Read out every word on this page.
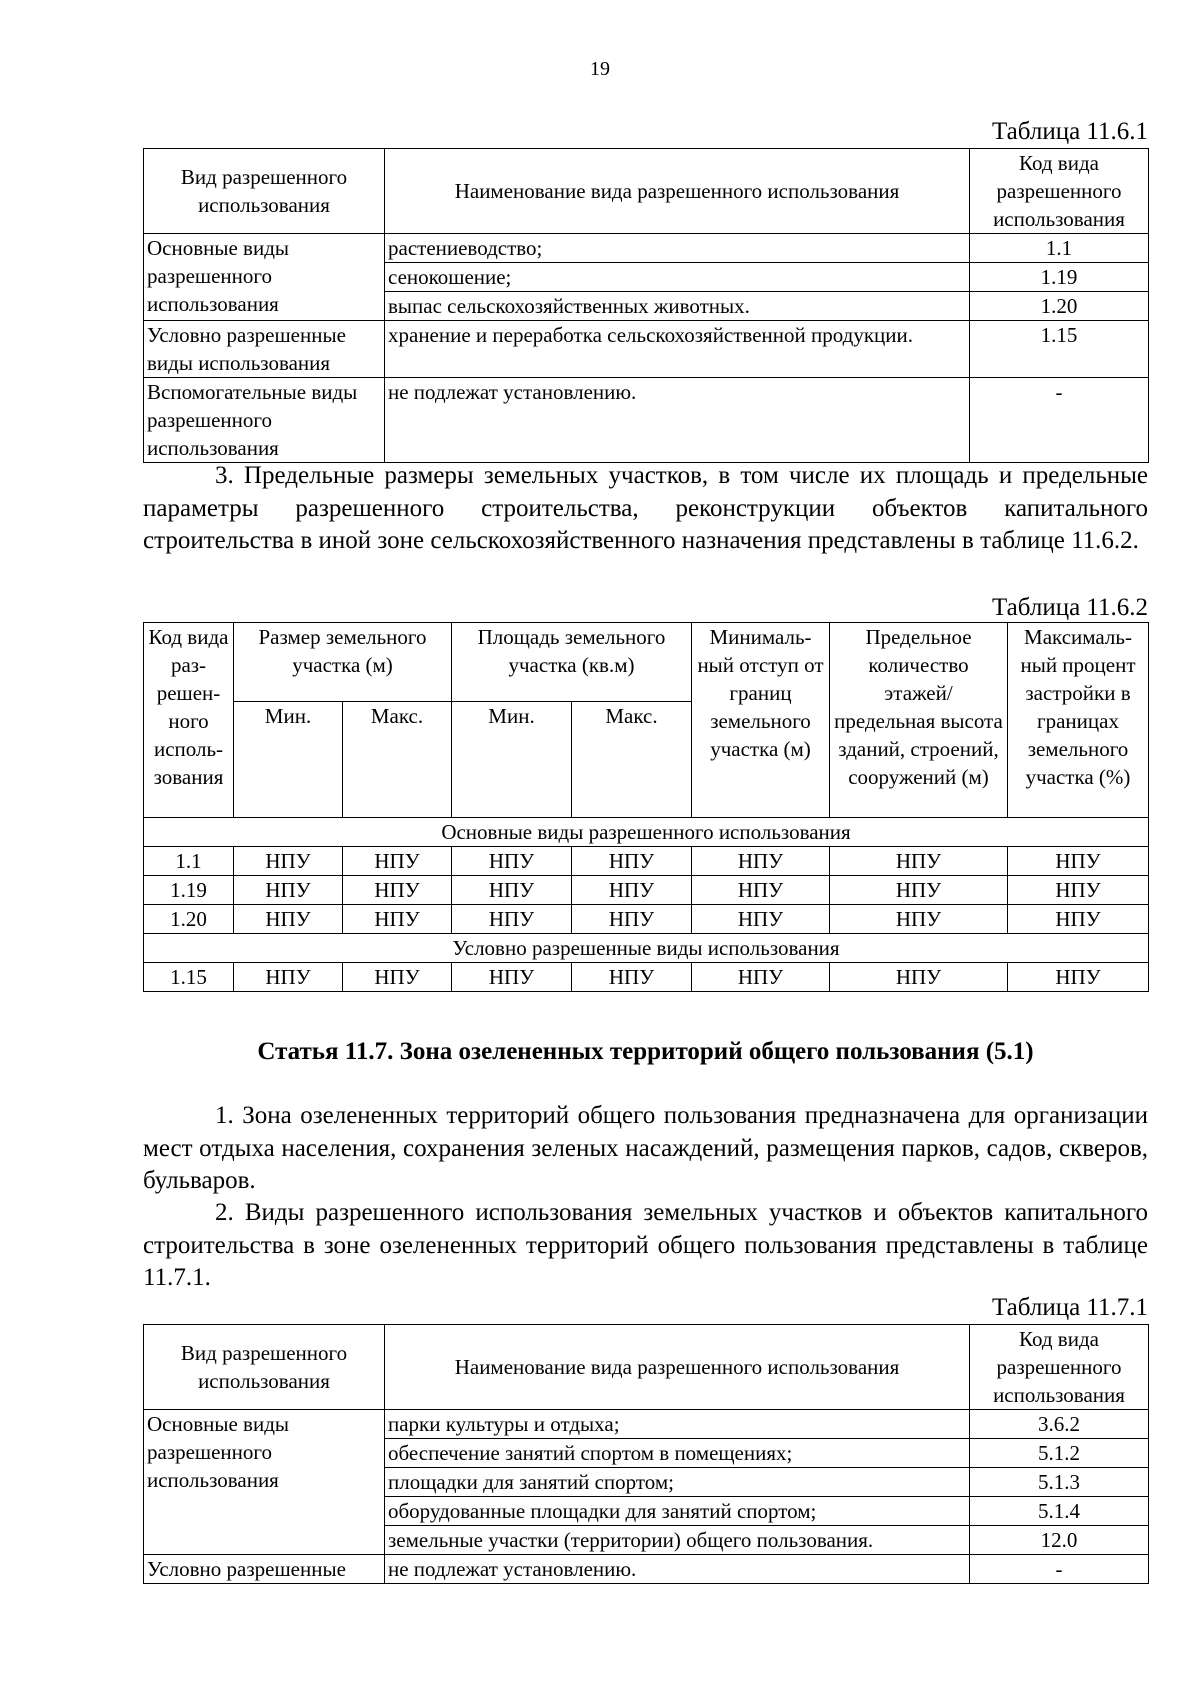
19
Таблица 11.6.1
Вид разрешенного использования	Наименование вида разрешенного использования	Код вида разрешенного использования
Основные виды разрешенного использования	растениеводство;	1.1
	сенокошение;	1.19
	выпас сельскохозяйственных животных.	1.20
Условно разрешенные виды использования	хранение и переработка сельскохозяйственной продукции.	1.15
Вспомогательные виды разрешенного использования	не подлежат установлению.	-

3. Предельные размеры земельных участков, в том числе их площадь и предельные параметры разрешенного строительства, реконструкции объектов капитального строительства в иной зоне сельскохозяйственного назначения представлены в таблице 11.6.2.

Таблица 11.6.2
Код вида раз-решен-ного исполь-зования	Размер земельного участка (м)		Площадь земельного участка (кв.м)		Минималь-ный отступ от границ земельного участка (м)	Предельное количество этажей/ предельная высота зданий, строений, сооружений (м)	Максималь-ный процент застройки в границах земельного участка (%)
	Мин.	Макс.	Мин.	Макс.			
Основные виды разрешенного использования							
1.1	НПУ	НПУ	НПУ	НПУ	НПУ	НПУ	НПУ
1.19	НПУ	НПУ	НПУ	НПУ	НПУ	НПУ	НПУ
1.20	НПУ	НПУ	НПУ	НПУ	НПУ	НПУ	НПУ
Условно разрешенные виды использования							
1.15	НПУ	НПУ	НПУ	НПУ	НПУ	НПУ	НПУ
Статья 11.7. Зона озелененных территорий общего пользования (5.1)

1. Зона озелененных территорий общего пользования предназначена для организации мест отдыха населения, сохранения зеленых насаждений, размещения парков, садов, скверов, бульваров.

2. Виды разрешенного использования земельных участков и объектов капитального строительства в зоне озелененных территорий общего пользования представлены в таблице 11.7.1.

Таблица 11.7.1
Вид разрешенного использования	Наименование вида разрешенного использования	Код вида разрешенного использования
Основные виды разрешенного использования	парки культуры и отдыха;	3.6.2
	обеспечение занятий спортом в помещениях;	5.1.2
	площадки для занятий спортом;	5.1.3
	оборудованные площадки для занятий спортом;	5.1.4
	земельные участки (территории) общего пользования.	12.0
Условно разрешенные	не подлежат установлению.	-
